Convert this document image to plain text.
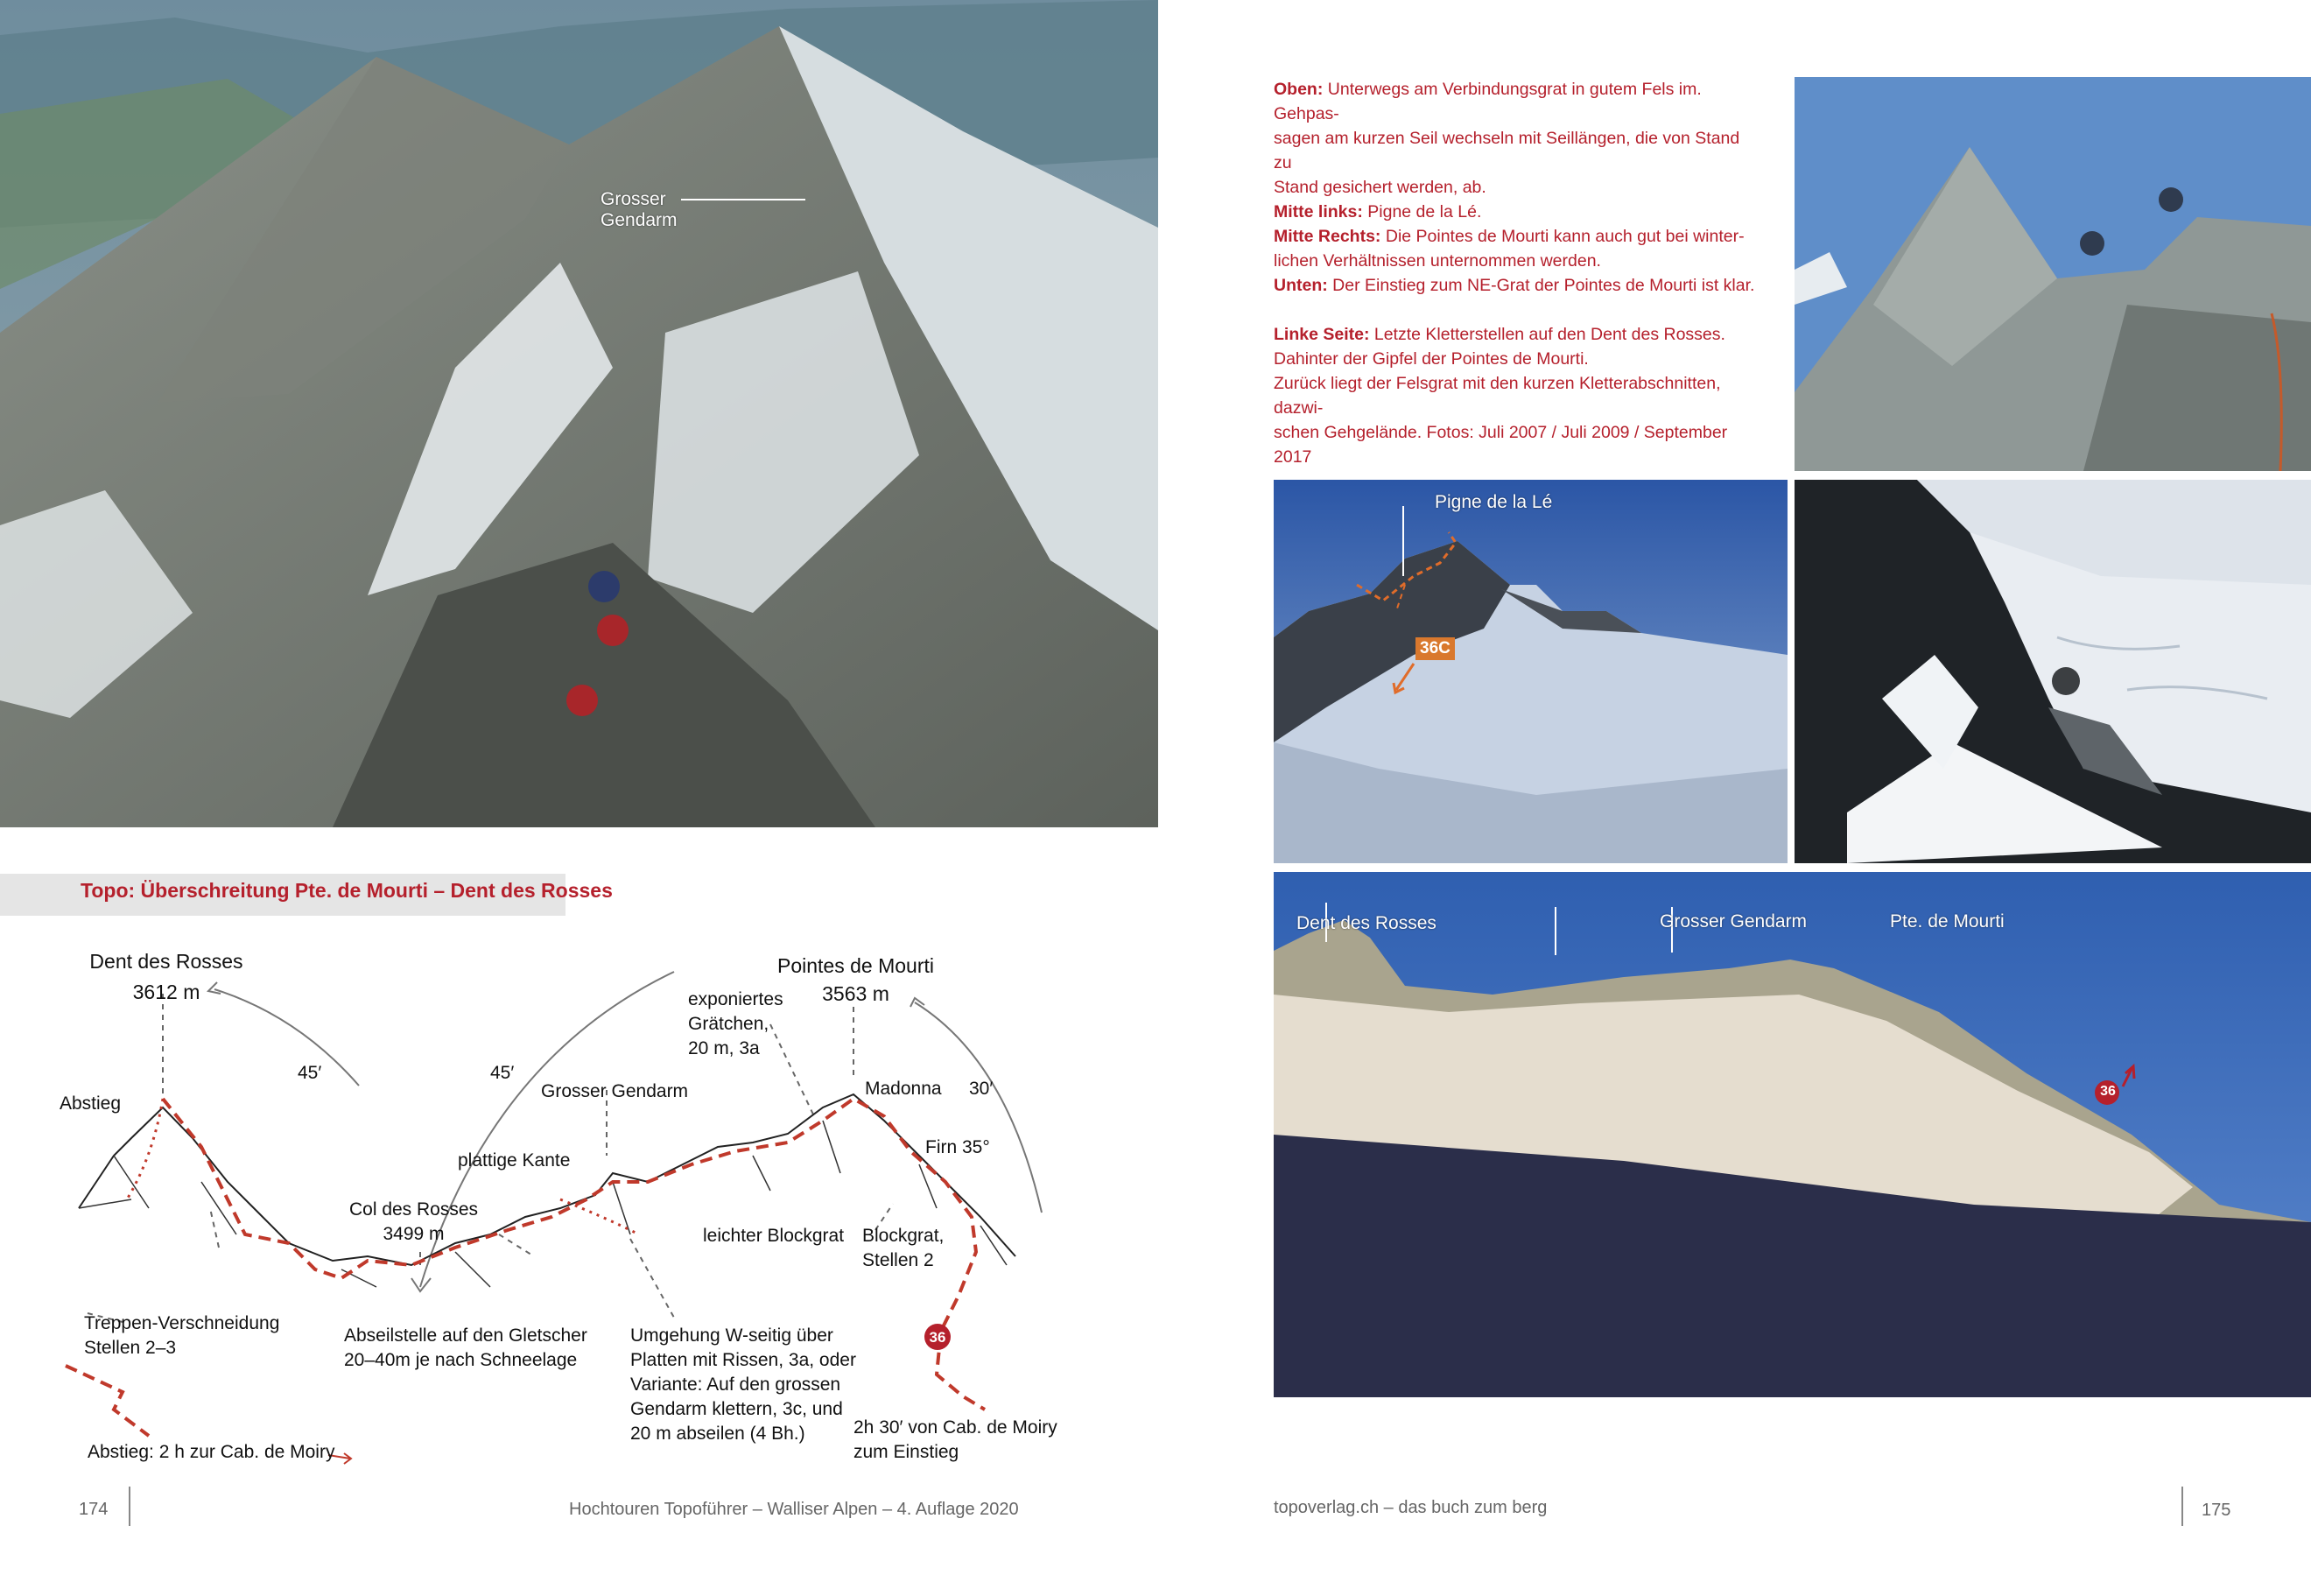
Grosser
Gendarm
Topo: Überschreitung Pte. de Mourti – Dent des Rosses
Dent des Rosses
3612 m
Pointes de Mourti
3563 m
Abstieg
45′	45′
30′
exponiertes
Grätchen,
20 m, 3a
Madonna
Grosser Gendarm
plattige Kante
Col des Rosses
3499 m
Firn 35°
leichter Blockgrat Blockgrat,
Stellen 2
Treppen-Verschneidung
Stellen 2–3
Abseilstelle auf den Gletscher
20–40m je nach Schneelage
Umgehung W-seitig über
Platten mit Rissen, 3a, oder
Variante: Auf den grossen
Gendarm klettern, 3c, und
20 m abseilen (4 Bh.)
Abstieg: 2 h zur Cab. de Moiry
2h 30′ von Cab. de Moiry
zum Einstieg
36
174	Hochtouren Topoführer – Walliser Alpen – 4. Auflage 2020

Oben: Unterwegs am Verbindungsgrat in gutem Fels im. Gehpas-

sagen am kurzen Seil wechseln mit Seillängen, die von Stand zu

Stand gesichert werden, ab.

Mitte links: Pigne de la Lé.

Mitte Rechts: Die Pointes de Mourti kann auch gut bei winter-

lichen Verhältnissen unternommen werden.

Unten: Der Einstieg zum NE-Grat der Pointes de Mourti ist klar.

Linke Seite: Letzte Kletterstellen auf den Dent des Rosses.

Dahinter der Gipfel der Pointes de Mourti.

Zurück liegt der Felsgrat mit den kurzen Kletterabschnitten, dazwi-

schen Gehgelände. Fotos: Juli 2007 / Juli 2009 / September 2017

Pigne de la Lé
36C
Dent des Rosses	Grosser Gendarm	Pte. de Mourti
36
topoverlag.ch – das buch zum berg	175
